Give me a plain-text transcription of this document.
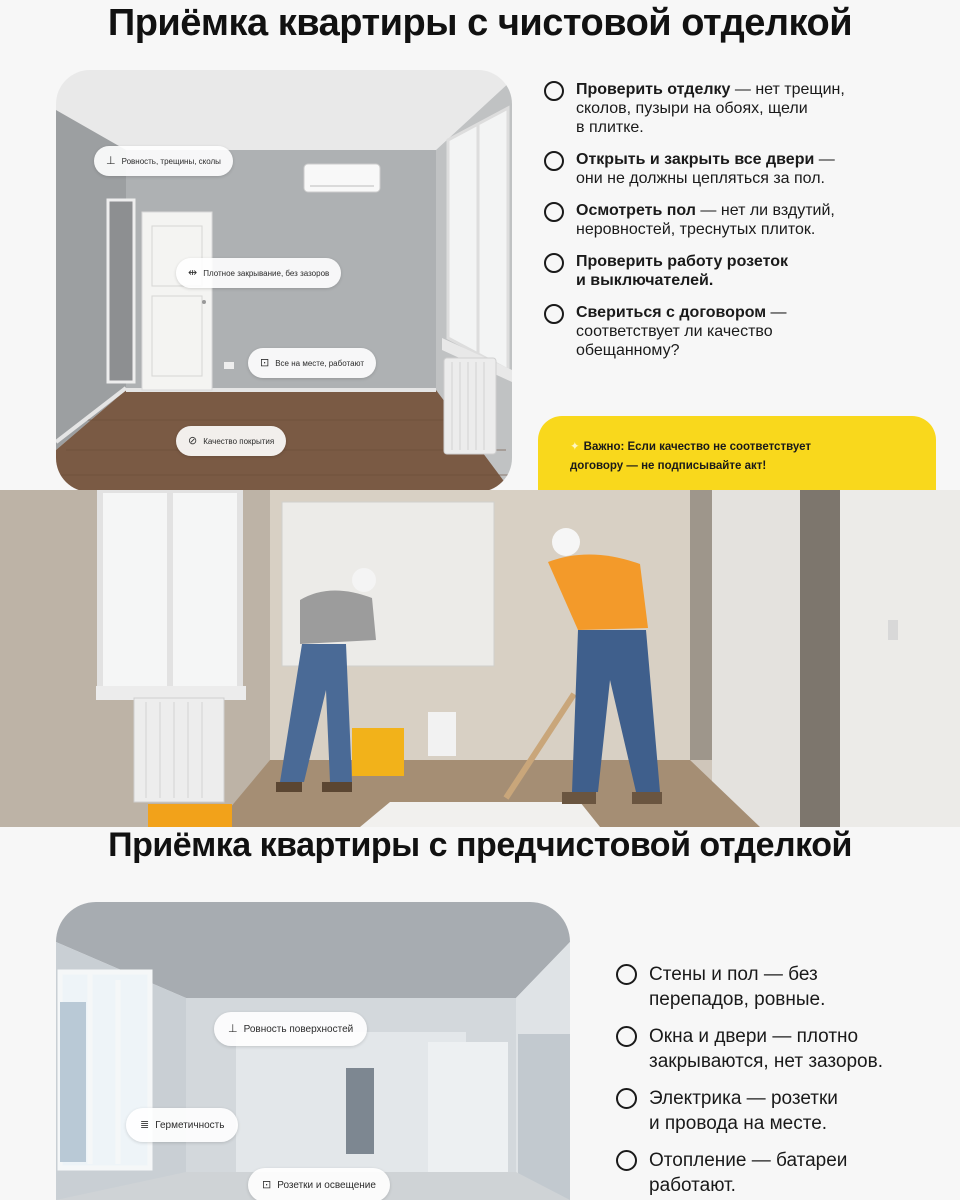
Приёмка квартиры с чистовой отделкой
⊥ Ровность, трещины, сколы
⇹ Плотное закрывание, без зазоров
⊡ Все на месте, работают
⊘ Качество покрытия
Проверить отделку — нет трещин,
сколов, пузыри на обоях, щели
в плитке.
Открыть и закрыть все двери —
они не должны цепляться за пол.
Осмотреть пол — нет ли вздутий,
неровностей, треснутых плиток.
Проверить работу розеток
и выключателей.
Свериться с договором —
соответствует ли качество
обещанному?
✦ Важно: Если качество не соответствует
договору — не подписывайте акт!
Приёмка квартиры с предчистовой отделкой
⊥ Ровность поверхностей
≣ Герметичность
⊡ Розетки и освещение
Стены и пол — без
перепадов, ровные.
Окна и двери — плотно
закрываются, нет зазоров.
Электрика — розетки
и провода на месте.
Отопление — батареи
работают.
